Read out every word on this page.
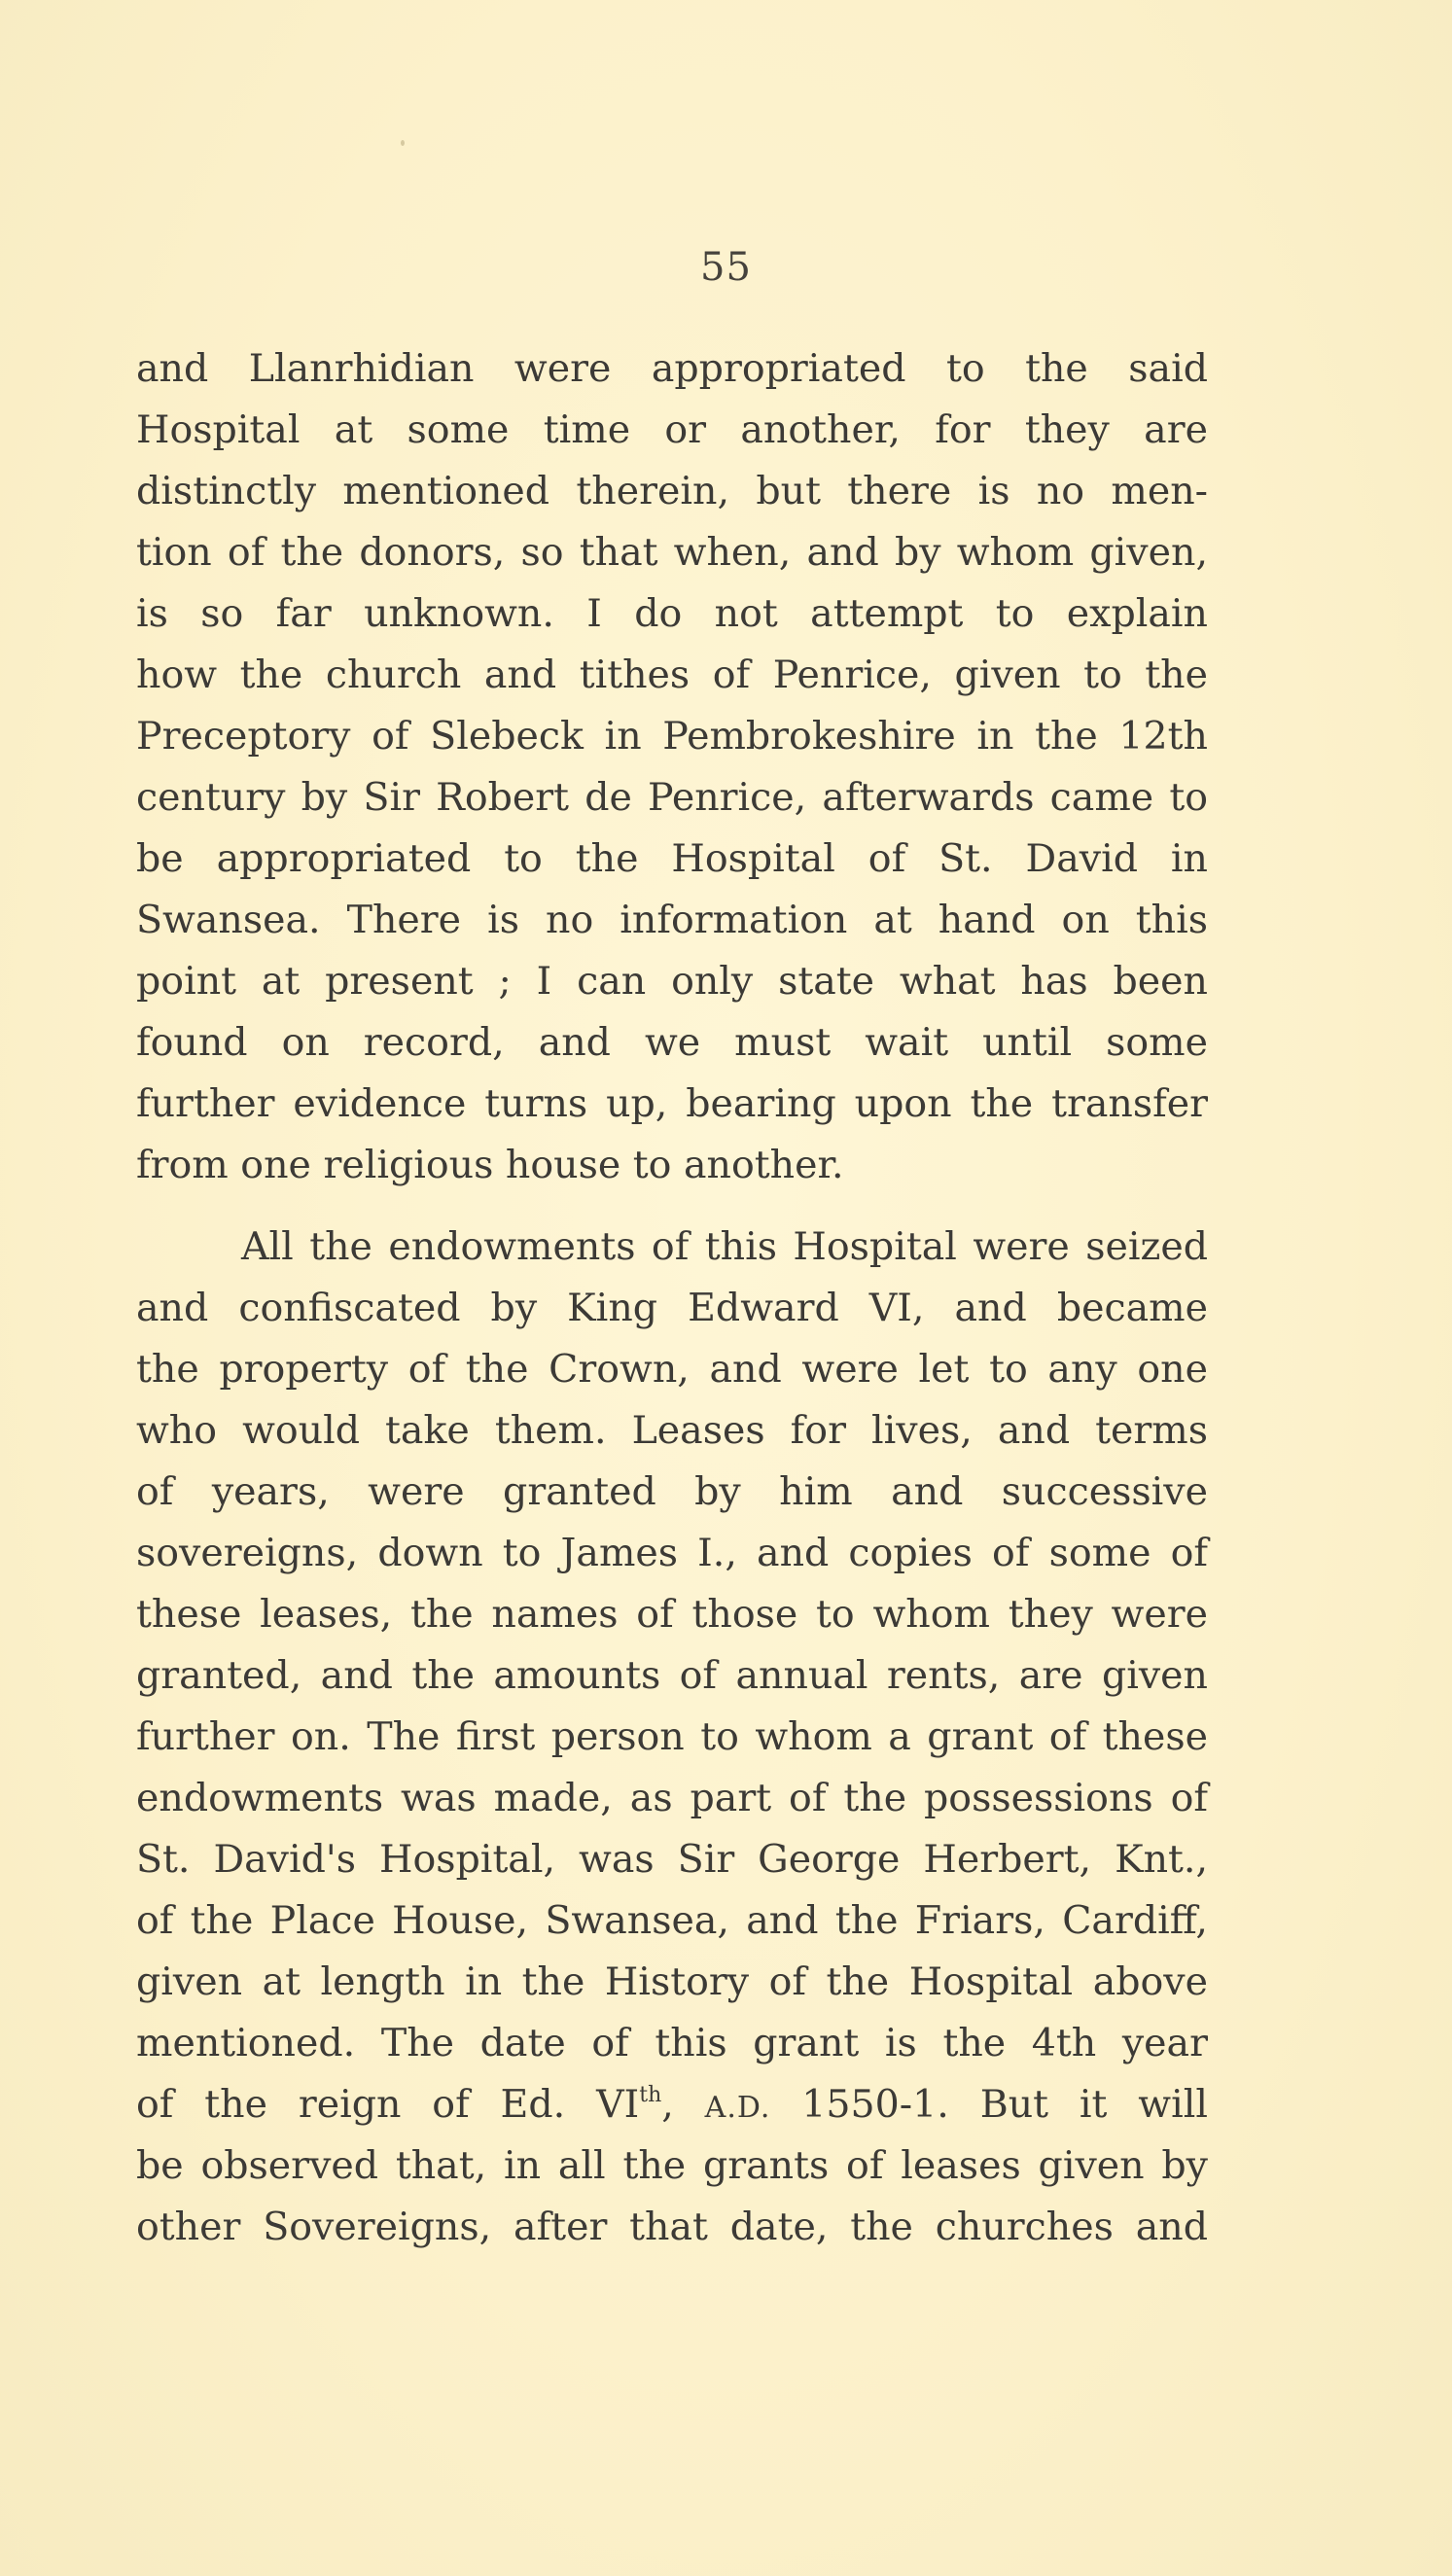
55
and Llanrhidian were appropriated to the said
Hospital at some time or another, for they are
distinctly mentioned therein, but there is no men-
tion of the donors, so that when, and by whom given,
is so far unknown. I do not attempt to explain
how the church and tithes of Penrice, given to the
Preceptory of Slebeck in Pembrokeshire in the 12th
century by Sir Robert de Penrice, afterwards came to
be appropriated to the Hospital of St. David in
Swansea. There is no information at hand on this
point at present ; I can only state what has been
found on record, and we must wait until some
further evidence turns up, bearing upon the transfer
from one religious house to another.
All the endowments of this Hospital were seized
and confiscated by King Edward VI, and became
the property of the Crown, and were let to any one
who would take them. Leases for lives, and terms
of years, were granted by him and successive
sovereigns, down to James I., and copies of some of
these leases, the names of those to whom they were
granted, and the amounts of annual rents, are given
further on. The first person to whom a grant of these
endowments was made, as part of the possessions of
St. David's Hospital, was Sir George Herbert, Knt.,
of the Place House, Swansea, and the Friars, Cardiff,
given at length in the History of the Hospital above
mentioned. The date of this grant is the 4th year
of the reign of Ed. VIth, A.D. 1550-1. But it will
be observed that, in all the grants of leases given by
other Sovereigns, after that date, the churches and
